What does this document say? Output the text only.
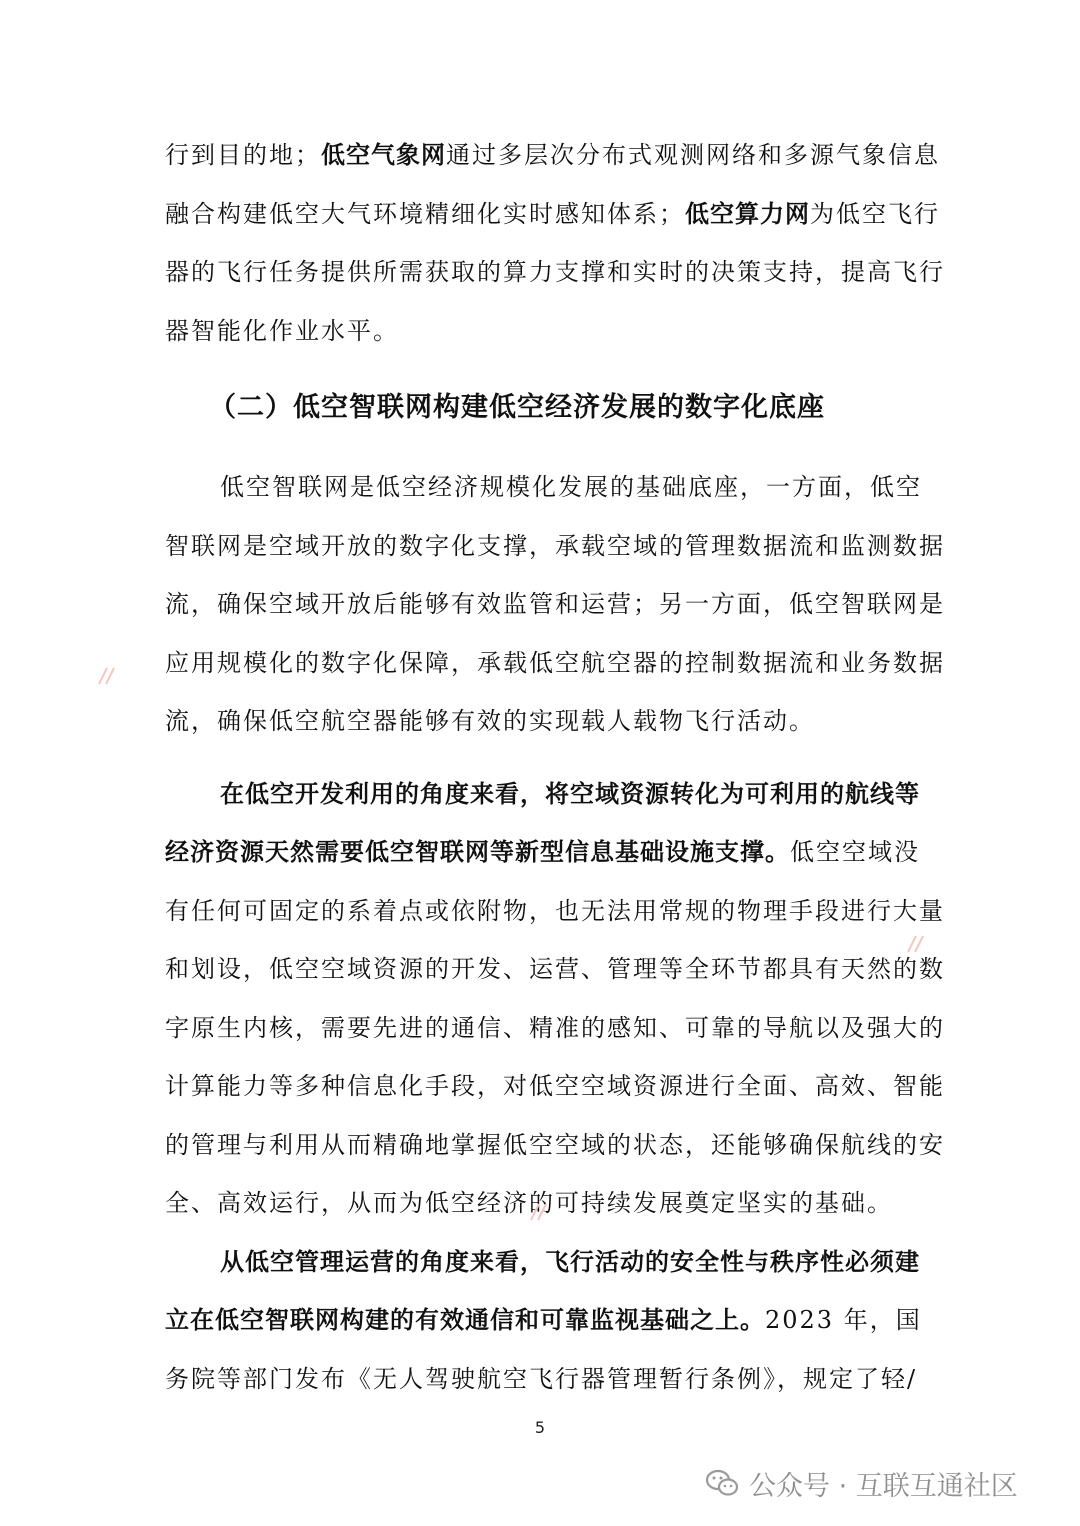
行到目的地；低空气象网通过多层次分布式观测网络和多源气象信息
融合构建低空大气环境精细化实时感知体系；低空算力网为低空飞行
器的飞行任务提供所需获取的算力支撑和实时的决策支持，提高飞行
器智能化作业水平。
（二）低空智联网构建低空经济发展的数字化底座
低空智联网是低空经济规模化发展的基础底座，一方面，低空
智联网是空域开放的数字化支撑，承载空域的管理数据流和监测数据
流，确保空域开放后能够有效监管和运营；另一方面，低空智联网是
应用规模化的数字化保障，承载低空航空器的控制数据流和业务数据
流，确保低空航空器能够有效的实现载人载物飞行活动。
在低空开发利用的角度来看，将空域资源转化为可利用的航线等
经济资源天然需要低空智联网等新型信息基础设施支撑。低空空域没
有任何可固定的系着点或依附物，也无法用常规的物理手段进行大量
和划设，低空空域资源的开发、运营、管理等全环节都具有天然的数
字原生内核，需要先进的通信、精准的感知、可靠的导航以及强大的
计算能力等多种信息化手段，对低空空域资源进行全面、高效、智能
的管理与利用从而精确地掌握低空空域的状态，还能够确保航线的安
全、高效运行，从而为低空经济的可持续发展奠定坚实的基础。
从低空管理运营的角度来看，飞行活动的安全性与秩序性必须建
立在低空智联网构建的有效通信和可靠监视基础之上。2023 年，国
务院等部门发布《无人驾驶航空飞行器管理暂行条例》，规定了轻/
5
公众号 · 互联互通社区
